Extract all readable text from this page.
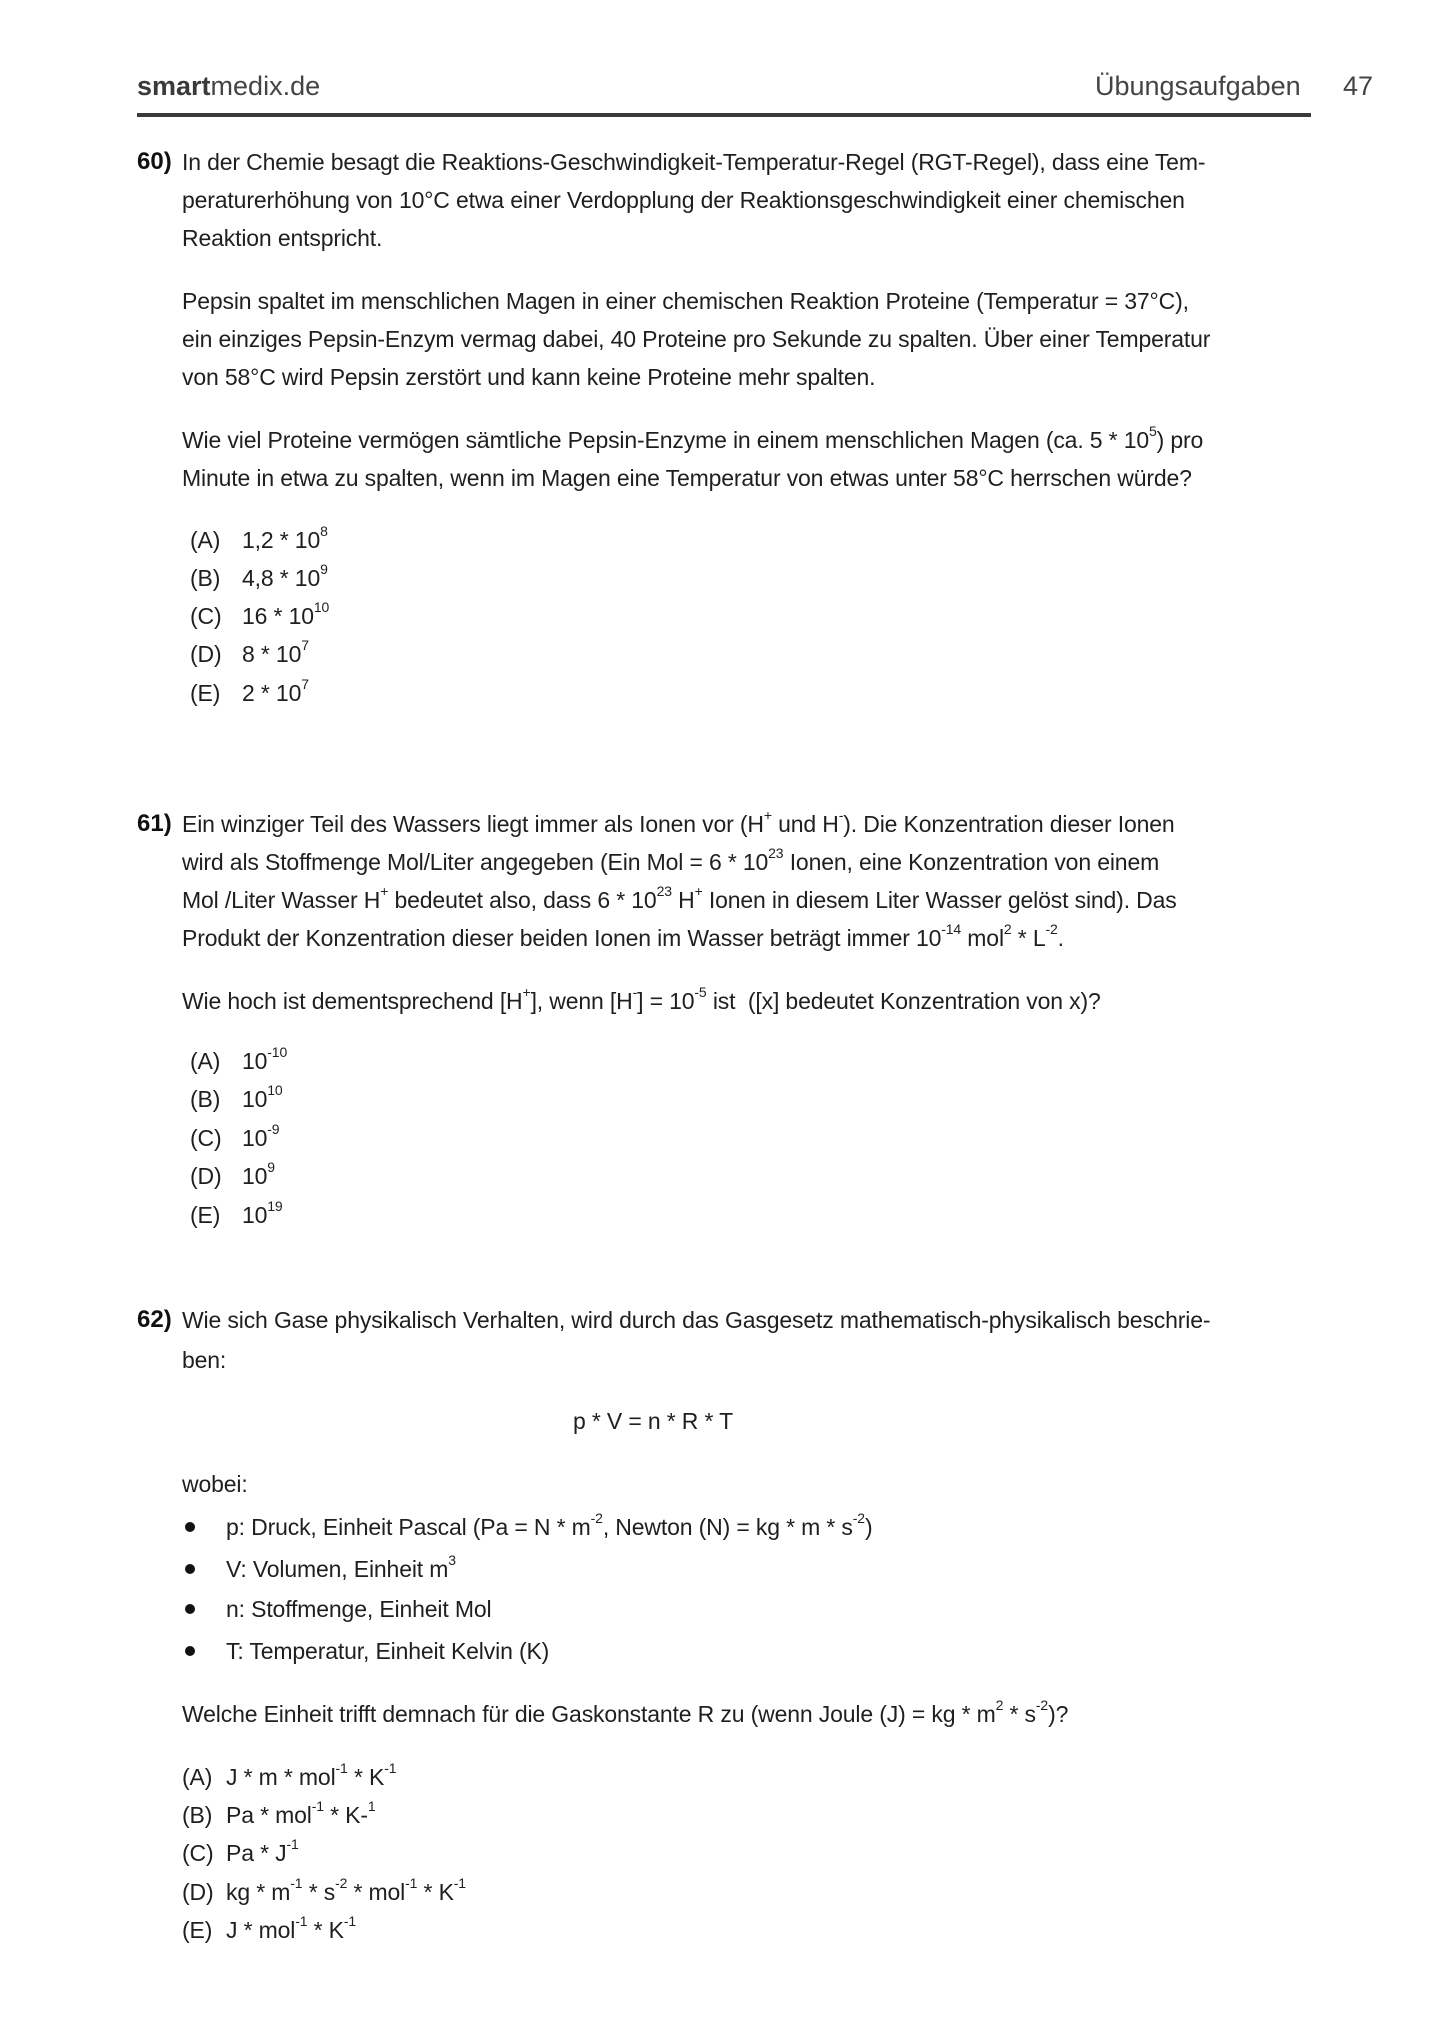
smartmedix.de	Übungsaufgaben 47
60) In der Chemie besagt die Reaktions-Geschwindigkeit-Temperatur-Regel (RGT-Regel), dass eine Tem-
peraturerhöhung von 10°C etwa einer Verdopplung der Reaktionsgeschwindigkeit einer chemischen
Reaktion entspricht.
Pepsin spaltet im menschlichen Magen in einer chemischen Reaktion Proteine (Temperatur = 37°C),
ein einziges Pepsin-Enzym vermag dabei, 40 Proteine pro Sekunde zu spalten. Über einer Temperatur
von 58°C wird Pepsin zerstört und kann keine Proteine mehr spalten.
Wie viel Proteine vermögen sämtliche Pepsin-Enzyme in einem menschlichen Magen (ca. $5 * 10^5$) pro
Minute in etwa zu spalten, wenn im Magen eine Temperatur von etwas unter 58°C herrschen würde?
(A) $1,2 * 10^8$
(B) $4,8 * 10^9$
(C) $16 * 10^{10}$
(D) $8 * 10^7$
(E) $2 * 10^7$
61) Ein winziger Teil des Wassers liegt immer als Ionen vor (H+ und H-). Die Konzentration dieser Ionen
wird als Stoffmenge Mol/Liter angegeben (Ein Mol = $6 * 10^{23}$ Ionen, eine Konzentration von einem
Mol /Liter Wasser H+ bedeutet also, dass $6 * 10^{23}$ H+ Ionen in diesem Liter Wasser gelöst sind). Das
Produkt der Konzentration dieser beiden Ionen im Wasser beträgt immer $10^{-14}$ $mol^2 * L^{-2}$.
Wie hoch ist dementsprechend [H+], wenn $[H^-] = 10^{-5}$ ist  ([x] bedeutet Konzentration von x)?
(A) $10^{-10}$
(B) $10^{10}$
(C) $10^{-9}$
(D) $10^9$
(E) $10^{19}$
62) Wie sich Gase physikalisch Verhalten, wird durch das Gasgesetz mathematisch-physikalisch beschrie-
ben:
p * V = n * R * T
wobei:
p: Druck, Einheit Pascal ($Pa = N * m^{-2}$, Newton (N) = kg * m * $s^{-2}$)
V: Volumen, Einheit $m^3$
n: Stoffmenge, Einheit Mol
T: Temperatur, Einheit Kelvin (K)
Welche Einheit trifft demnach für die Gaskonstante R zu (wenn Joule (J) = kg * $m^2 * s^{-2}$)?
(A) J * m * $mol^{-1} * K^{-1}$
(B) Pa * mol$^{-1}$ * K-$^1$
(C) Pa * $J^{-1}$
(D) kg * $m^{-1} * s^{-2} * mol^{-1} * K^{-1}$
(E) J * $mol^{-1} * K^{-1}$
